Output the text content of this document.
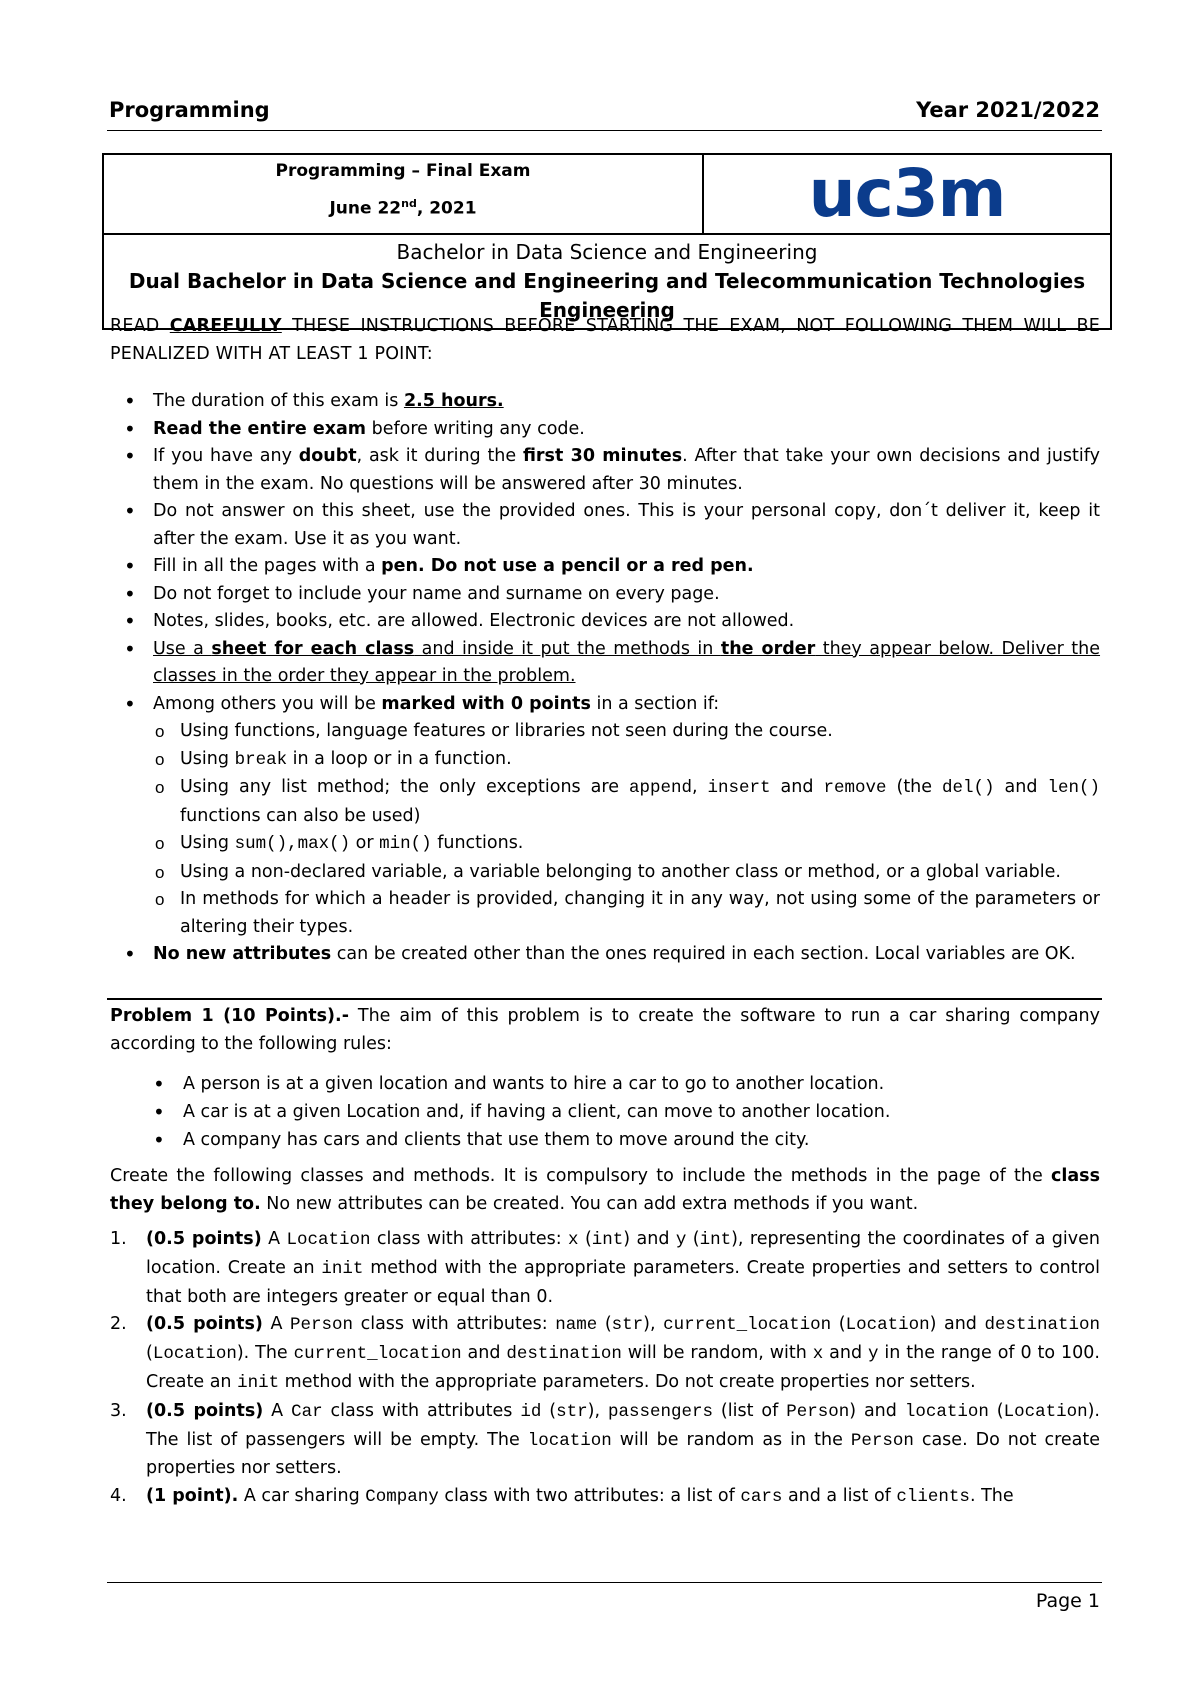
Programming	Year 2021/2022
Programming – Final Exam
June 22nd, 2021	uc3m
Bachelor in Data Science and Engineering
Dual Bachelor in Data Science and Engineering and Telecommunication Technologies Engineering
READ CAREFULLY THESE INSTRUCTIONS BEFORE STARTING THE EXAM, NOT FOLLOWING THEM WILL BE PENALIZED WITH AT LEAST 1 POINT:
• The duration of this exam is 2.5 hours.
• Read the entire exam before writing any code.
• If you have any doubt, ask it during the first 30 minutes. After that take your own decisions and justify them in the exam. No questions will be answered after 30 minutes.
• Do not answer on this sheet, use the provided ones. This is your personal copy, don´t deliver it, keep it after the exam. Use it as you want.
• Fill in all the pages with a pen. Do not use a pencil or a red pen.
• Do not forget to include your name and surname on every page.
• Notes, slides, books, etc. are allowed. Electronic devices are not allowed.
• Use a sheet for each class and inside it put the methods in the order they appear below. Deliver the classes in the order they appear in the problem.
• Among others you will be marked with 0 points in a section if:
o Using functions, language features or libraries not seen during the course.
o Using break in a loop or in a function.
o Using any list method; the only exceptions are append, insert and remove (the del() and len() functions can also be used)
o Using sum(),max() or min() functions.
o Using a non-declared variable, a variable belonging to another class or method, or a global variable.
o In methods for which a header is provided, changing it in any way, not using some of the parameters or altering their types.
• No new attributes can be created other than the ones required in each section. Local variables are OK.
Problem 1 (10 Points).- The aim of this problem is to create the software to run a car sharing company according to the following rules:
• A person is at a given location and wants to hire a car to go to another location.
• A car is at a given Location and, if having a client, can move to another location.
• A company has cars and clients that use them to move around the city.
Create the following classes and methods. It is compulsory to include the methods in the page of the class they belong to. No new attributes can be created. You can add extra methods if you want.
1. (0.5 points) A Location class with attributes: x (int) and y (int), representing the coordinates of a given location. Create an init method with the appropriate parameters. Create properties and setters to control that both are integers greater or equal than 0.
2. (0.5 points) A Person class with attributes: name (str), current_location (Location) and destination (Location). The current_location and destination will be random, with x and y in the range of 0 to 100. Create an init method with the appropriate parameters. Do not create properties nor setters.
3. (0.5 points) A Car class with attributes id (str), passengers (list of Person) and location (Location). The list of passengers will be empty. The location will be random as in the Person case. Do not create properties nor setters.
4. (1 point). A car sharing Company class with two attributes: a list of cars and a list of clients. The
Page 1
